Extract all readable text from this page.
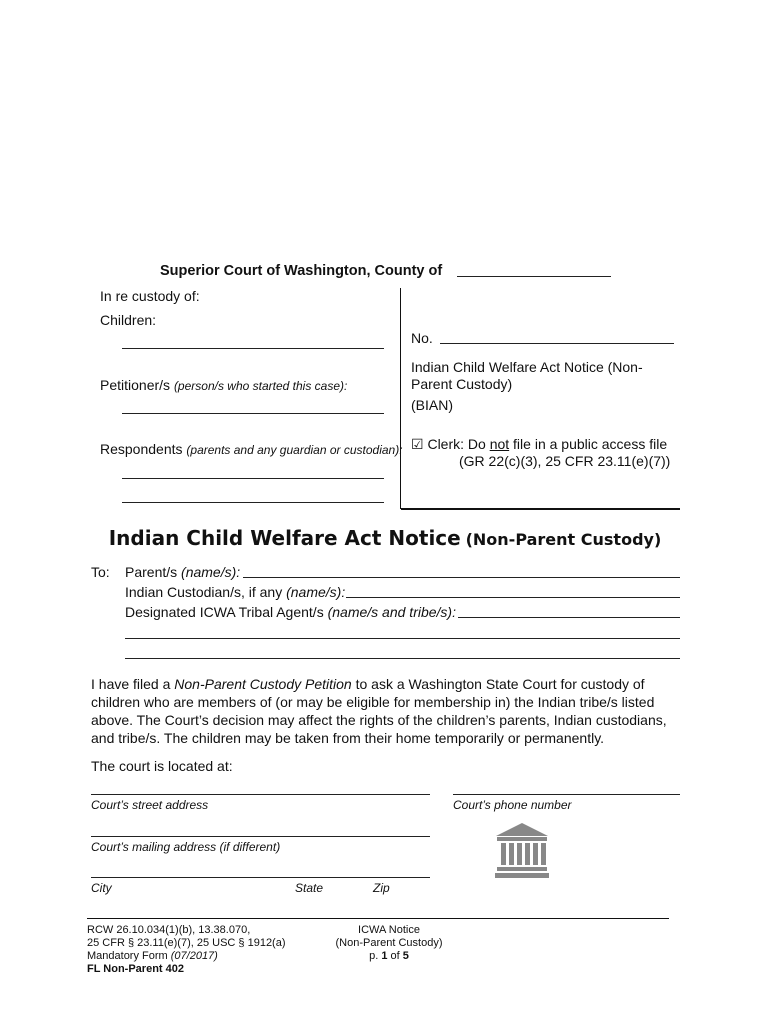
Superior Court of Washington, County of
In re custody of:
Children:
Petitioner/s (person/s who started this case):
Respondents (parents and any guardian or custodian):
No.
Indian Child Welfare Act Notice (Non-
Parent Custody)
(BIAN)
☑ Clerk: Do not file in a public access file
(GR 22(c)(3), 25 CFR 23.11(e)(7))
Indian Child Welfare Act Notice (Non-Parent Custody)
To: Parent/s (name/s):
Indian Custodian/s, if any (name/s):
Designated ICWA Tribal Agent/s (name/s and tribe/s):
I have filed a Non-Parent Custody Petition to ask a Washington State Court for custody of
children who are members of (or may be eligible for membership in) the Indian tribe/s listed
above. The Court’s decision may affect the rights of the children’s parents, Indian custodians,
and tribe/s. The children may be taken from their home temporarily or permanently.
The court is located at:
Court’s street address	Court’s phone number
Court’s mailing address (if different)
City	State	Zip
RCW 26.10.034(1)(b), 13.38.070,
25 CFR § 23.11(e)(7), 25 USC § 1912(a)
Mandatory Form (07/2017)
FL Non-Parent 402
ICWA Notice
(Non-Parent Custody)
p. 1 of 5
